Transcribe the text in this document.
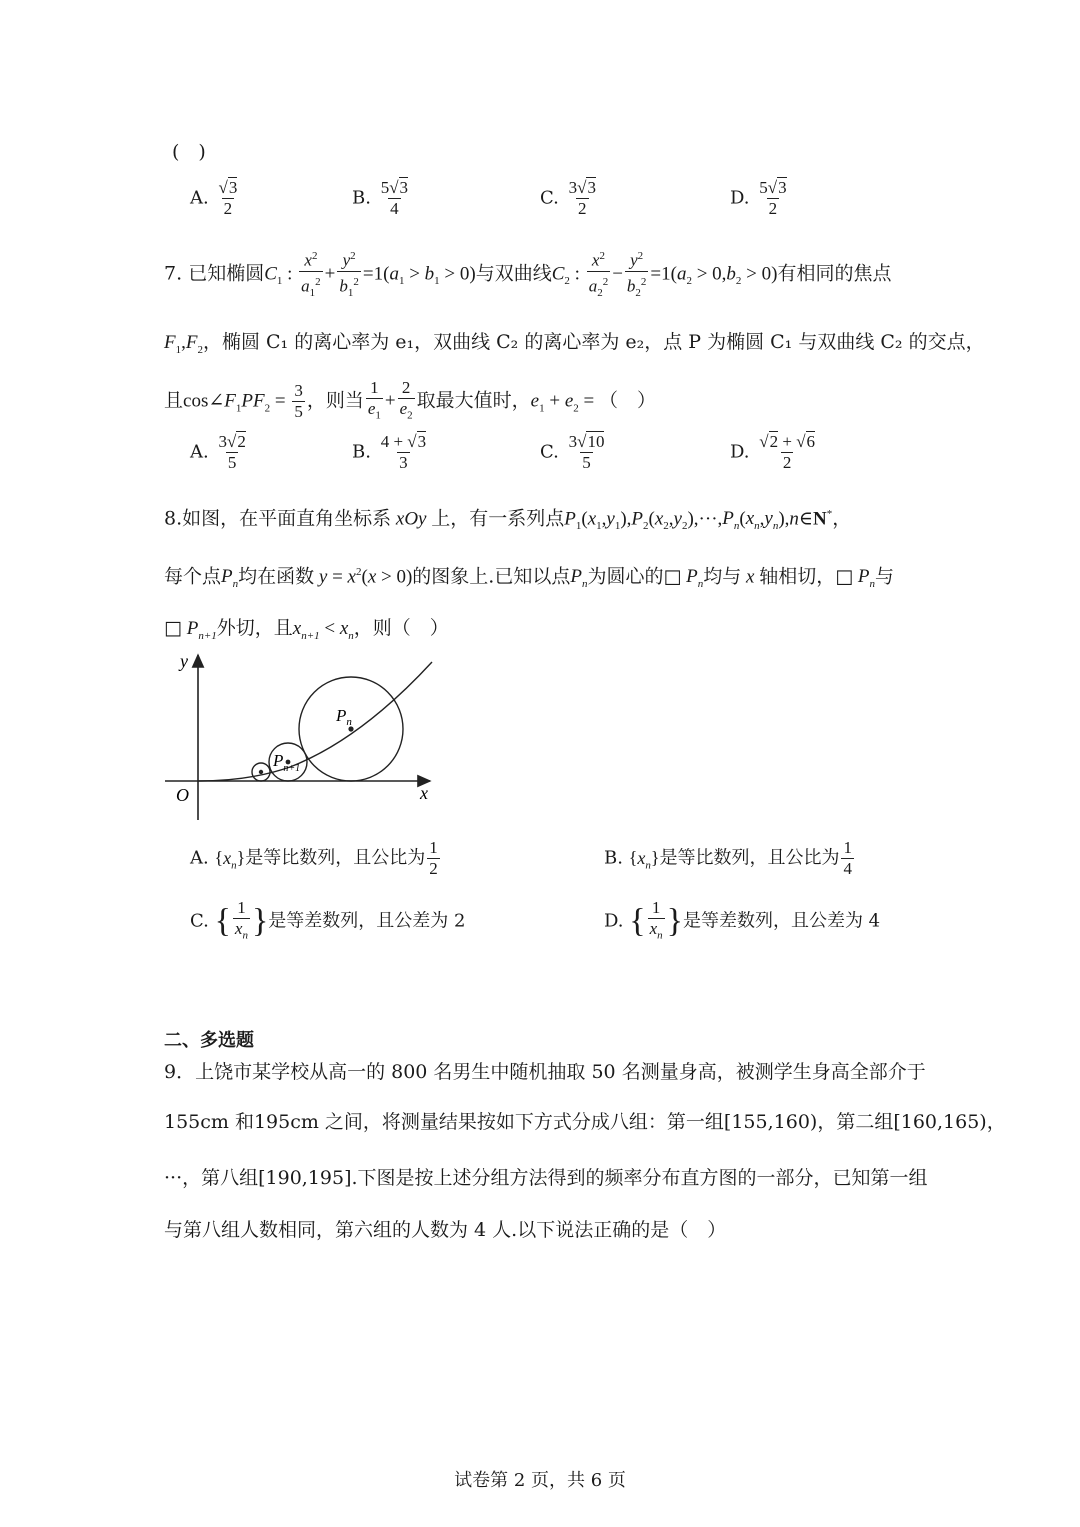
(　)
A. $\frac{√3}{2}$	B. $\frac{5√3}{4}$	C. $\frac{3√3}{2}$	D. $\frac{5√3}{2}$
7. 已知椭圆$C_1$ : $\frac{x^2}{a_1^2} + \frac{y^2}{b_1^2} =1(a_1 > b_1 > 0)$与双曲线$C_2$ : $\frac{x^2}{a_2^2} - \frac{y^2}{b_2^2} =1(a_2 > 0,b_2 > 0)$有相同的焦点
$F_1,F_2$，椭圆 C₁ 的离心率为 e₁，双曲线 C₂ 的离心率为 e₂，点 P 为椭圆 C₁ 与双曲线 C₂ 的交点，
且$\cos\angle F_1PF_2 = \frac{3}{5}$ ，则当 $\frac{1}{e_1} + \frac{2}{e_2}$ 取最大值时，$e_1 + e_2$ = （　）
A. $\frac{3√2}{5}$	B. $\frac{4 + √3}{3}$	C. $\frac{3√10}{5}$	D. $\frac{√2 + √6}{2}$
8.如图，在平面直角坐标系 xOy 上，有一系列点$P_1(x_1,y_1),P_2(x_2,y_2),\cdot\cdot\cdot,P_n(x_n,y_n),n\in N^*$，
每个点$P_n$均在函数 $y = x^2(x > 0)$的图象上.已知以点$P_n$为圆心的□ $P_n$均与 x 轴相切，□ $P_n$与
□ $P_{n+1}$外切，且$x_{n+1} < x_n$，则（　）
y
x
O
$P_n$
$P_{n+1}$
A. $\{x_n\}$是等比数列，且公比为 $\frac{1}{2}$	B. $\{x_n\}$是等比数列，且公比为 $\frac{1}{4}$
C. { $\frac{1}{x_n}$ }是等差数列，且公差为 2	D. { $\frac{1}{x_n}$ }是等差数列，且公差为 4
二、多选题
9．上饶市某学校从高一的 800 名男生中随机抽取 50 名测量身高，被测学生身高全部介于
155cm 和195cm 之间，将测量结果按如下方式分成八组：第一组[155,160)，第二组[160,165)，
···，第八组[190,195].下图是按上述分组方法得到的频率分布直方图的一部分，已知第一组
与第八组人数相同，第六组的人数为 4 人.以下说法正确的是（　）
试卷第 2 页，共 6 页
